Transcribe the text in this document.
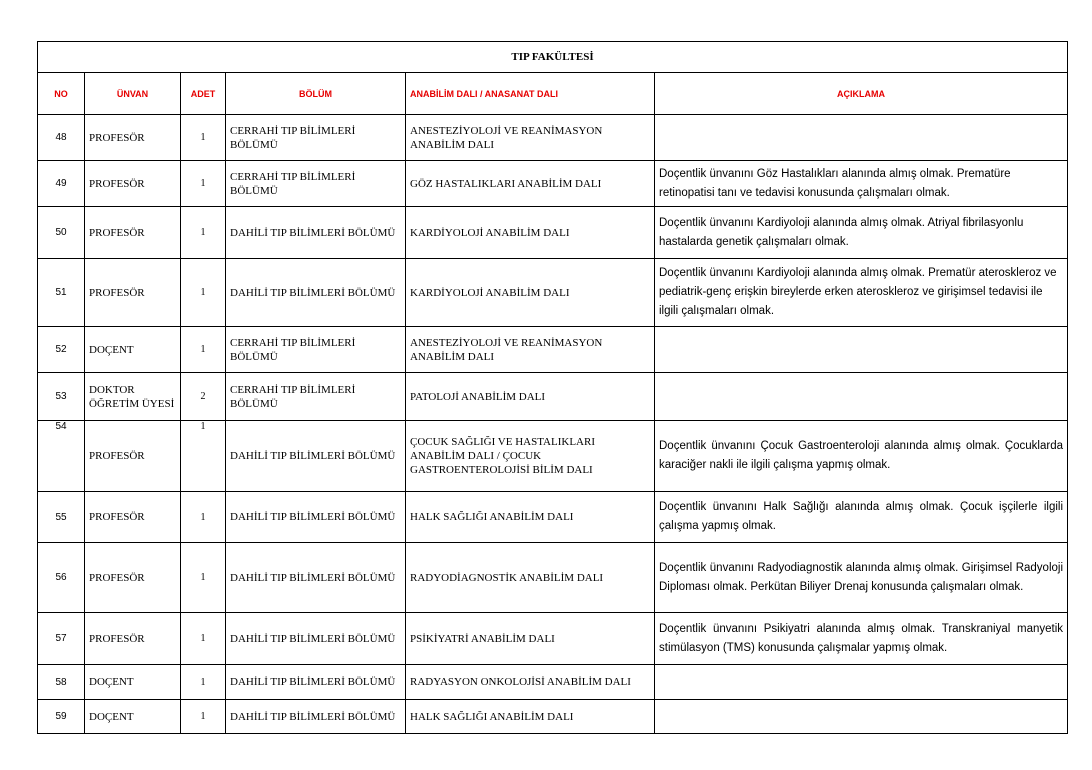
TIP FAKÜLTESİ					
NO	ÜNVAN	ADET	BÖLÜM	ANABİLİM DALI / ANASANAT DALI	AÇIKLAMA
48	PROFESÖR	1	CERRAHİ TIP BİLİMLERİ BÖLÜMÜ	ANESTEZİYOLOJİ VE REANİMASYON ANABİLİM DALI	
49	PROFESÖR	1	CERRAHİ TIP BİLİMLERİ BÖLÜMÜ	GÖZ HASTALIKLARI ANABİLİM DALI	Doçentlik ünvanını Göz Hastalıkları alanında almış olmak. Prematüre retinopatisi tanı ve tedavisi konusunda çalışmaları olmak.
50	PROFESÖR	1	DAHİLİ TIP BİLİMLERİ BÖLÜMÜ	KARDİYOLOJİ ANABİLİM DALI	Doçentlik ünvanını Kardiyoloji alanında almış olmak. Atriyal fibrilasyonlu hastalarda genetik çalışmaları olmak.
51	PROFESÖR	1	DAHİLİ TIP BİLİMLERİ BÖLÜMÜ	KARDİYOLOJİ ANABİLİM DALI	Doçentlik ünvanını Kardiyoloji alanında almış olmak. Prematür ateroskleroz ve pediatrik-genç erişkin bireylerde erken ateroskleroz ve girişimsel tedavisi ile ilgili çalışmaları olmak.
52	DOÇENT	1	CERRAHİ TIP BİLİMLERİ BÖLÜMÜ	ANESTEZİYOLOJİ VE REANİMASYON ANABİLİM DALI	
53	DOKTOR ÖĞRETİM ÜYESİ	2	CERRAHİ TIP BİLİMLERİ BÖLÜMÜ	PATOLOJİ ANABİLİM DALI	
54	PROFESÖR	1	DAHİLİ TIP BİLİMLERİ BÖLÜMÜ	ÇOCUK SAĞLIĞI VE HASTALIKLARI ANABİLİM DALI / ÇOCUK GASTROENTEROLOJİSİ BİLİM DALI	Doçentlik ünvanını Çocuk Gastroenteroloji alanında almış olmak. Çocuklarda karaciğer nakli ile ilgili çalışma yapmış olmak.
55	PROFESÖR	1	DAHİLİ TIP BİLİMLERİ BÖLÜMÜ	HALK SAĞLIĞI ANABİLİM DALI	Doçentlik ünvanını Halk Sağlığı alanında almış olmak. Çocuk işçilerle ilgili çalışma yapmış olmak.
56	PROFESÖR	1	DAHİLİ TIP BİLİMLERİ BÖLÜMÜ	RADYODİAGNOSTİK ANABİLİM DALI	Doçentlik ünvanını Radyodiagnostik alanında almış olmak. Girişimsel Radyoloji Diploması olmak. Perkütan Biliyer Drenaj konusunda çalışmaları olmak.
57	PROFESÖR	1	DAHİLİ TIP BİLİMLERİ BÖLÜMÜ	PSİKİYATRİ ANABİLİM DALI	Doçentlik ünvanını Psikiyatri alanında almış olmak. Transkraniyal manyetik stimülasyon (TMS) konusunda çalışmalar yapmış olmak.
58	DOÇENT	1	DAHİLİ TIP BİLİMLERİ BÖLÜMÜ	RADYASYON ONKOLOJİSİ ANABİLİM DALI	
59	DOÇENT	1	DAHİLİ TIP BİLİMLERİ BÖLÜMÜ	HALK SAĞLIĞI ANABİLİM DALI	
